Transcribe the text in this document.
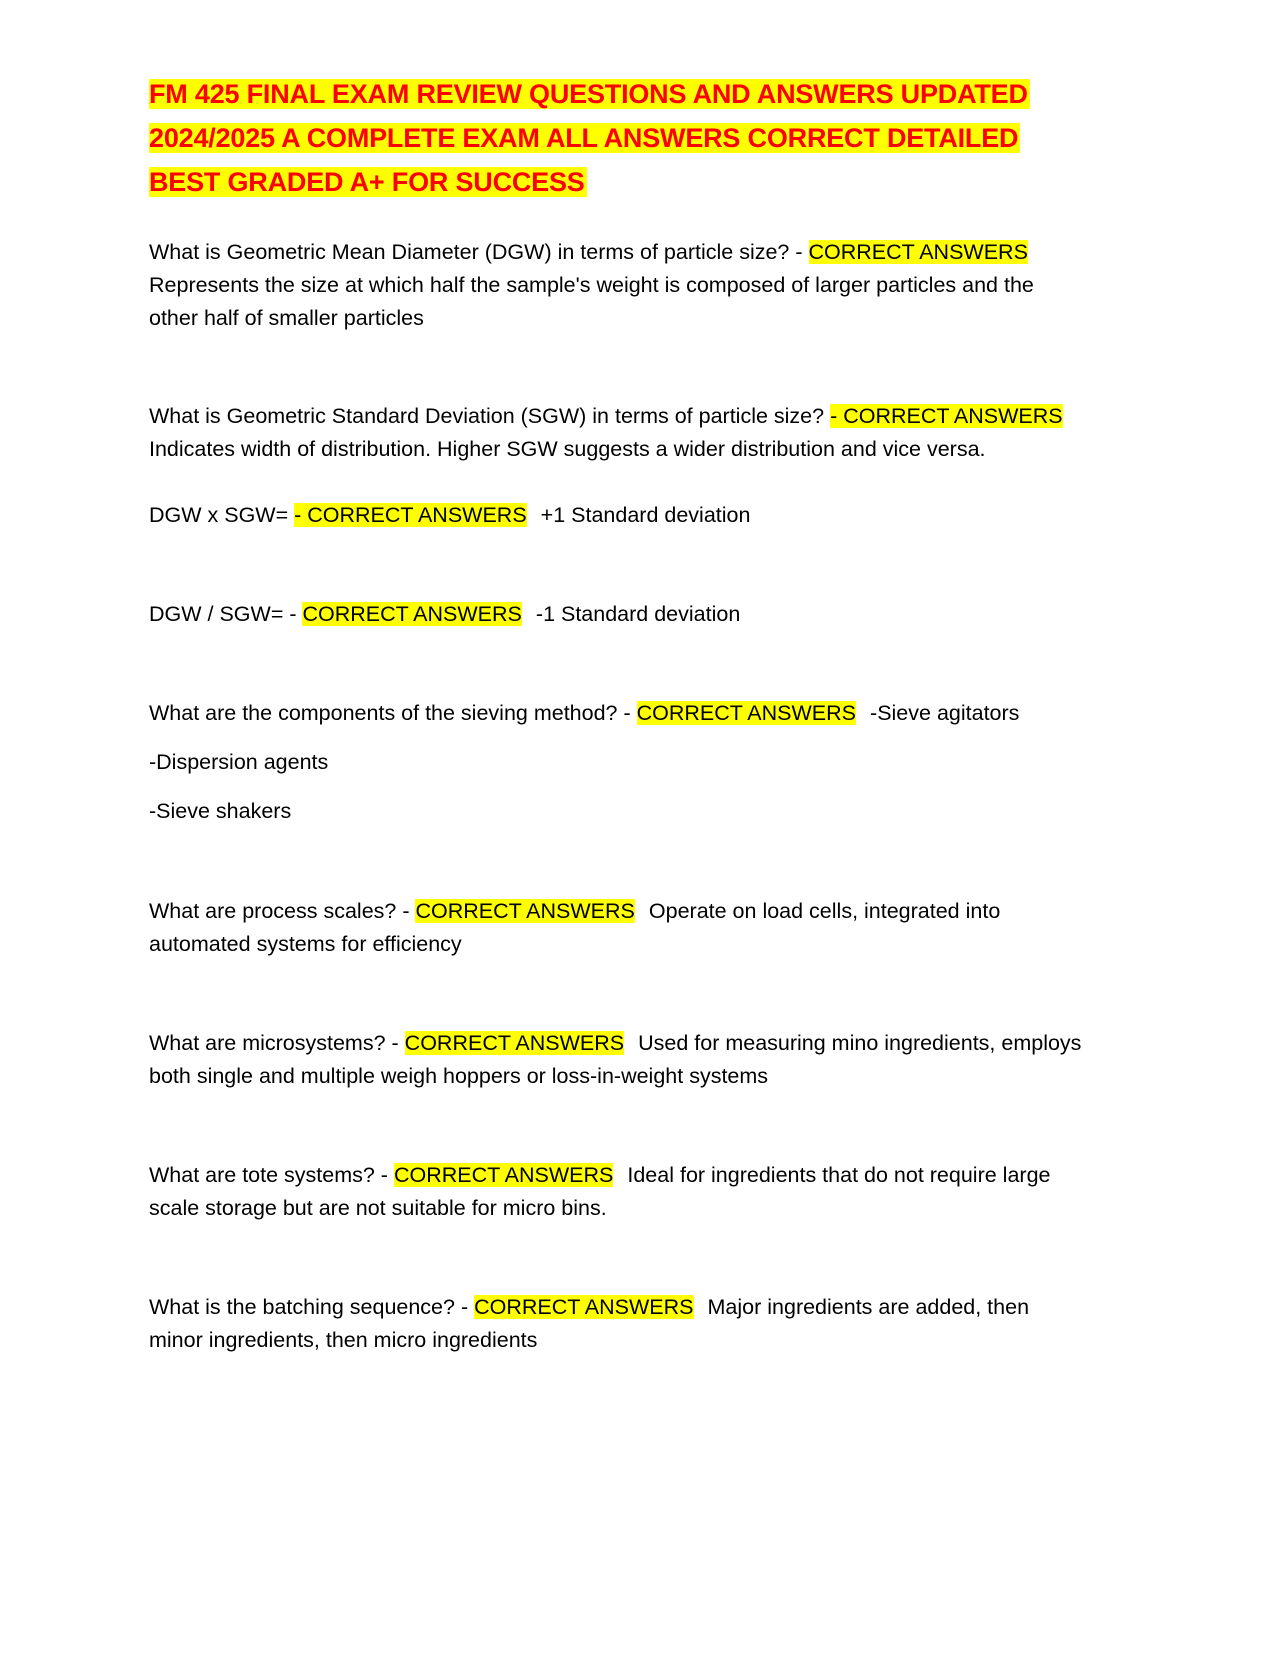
FM 425 FINAL EXAM REVIEW QUESTIONS AND ANSWERS UPDATED
2024/2025 A COMPLETE EXAM ALL ANSWERS CORRECT DETAILED
BEST GRADED A+ FOR SUCCESS

What is Geometric Mean Diameter (DGW) in terms of particle size? - CORRECT ANSWERS

Represents the size at which half the sample's weight is composed of larger particles and the

other half of smaller particles

What is Geometric Standard Deviation (SGW) in terms of particle size? - CORRECT ANSWERS

Indicates width of distribution. Higher SGW suggests a wider distribution and vice versa.

DGW x SGW= - CORRECT ANSWERS +1 Standard deviation

DGW / SGW= - CORRECT ANSWERS -1 Standard deviation

What are the components of the sieving method? - CORRECT ANSWERS -Sieve agitators

-Dispersion agents

-Sieve shakers

What are process scales? - CORRECT ANSWERS Operate on load cells, integrated into

automated systems for efficiency

What are microsystems? - CORRECT ANSWERS Used for measuring mino ingredients, employs

both single and multiple weigh hoppers or loss-in-weight systems

What are tote systems? - CORRECT ANSWERS Ideal for ingredients that do not require large

scale storage but are not suitable for micro bins.

What is the batching sequence? - CORRECT ANSWERS Major ingredients are added, then

minor ingredients, then micro ingredients
